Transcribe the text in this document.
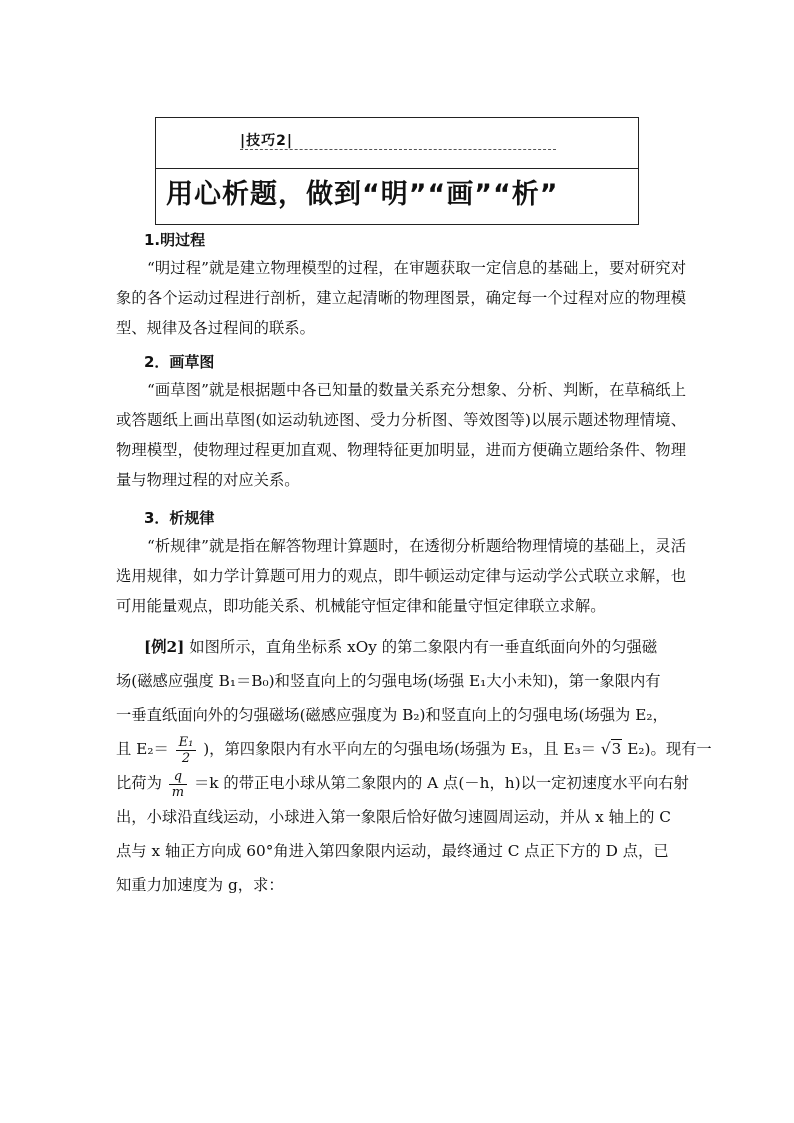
|技巧2|
用心析题，做到“明”“画”“析”
1.明过程

“明过程”就是建立物理模型的过程，在审题获取一定信息的基础上，要对研究对象的各个运动过程进行剖析，建立起清晰的物理图景，确定每一个过程对应的物理模型、规律及各过程间的联系。

2．画草图

“画草图”就是根据题中各已知量的数量关系充分想象、分析、判断，在草稿纸上或答题纸上画出草图(如运动轨迹图、受力分析图、等效图等)以展示题述物理情境、物理模型，使物理过程更加直观、物理特征更加明显，进而方便确立题给条件、物理量与物理过程的对应关系。

3．析规律

“析规律”就是指在解答物理计算题时，在透彻分析题给物理情境的基础上，灵活选用规律，如力学计算题可用力的观点，即牛顿运动定律与运动学公式联立求解，也可用能量观点，即功能关系、机械能守恒定律和能量守恒定律联立求解。

[例2] 如图所示，直角坐标系 xOy 的第二象限内有一垂直纸面向外的匀强磁
场(磁感应强度 B₁＝B₀)和竖直向上的匀强电场(场强 E₁大小未知)，第一象限内有
一垂直纸面向外的匀强磁场(磁感应强度为 B₂)和竖直向上的匀强电场(场强为 E₂，
且 $E_2= \frac{\text{E₁}}{2}$ )，第四象限内有水平向左的匀强电场(场强为 E₃，且 E₃＝ √3 E₂)。现有一
比荷为 $\frac{q}{m} =k$ 的带正电小球从第二象限内的 A 点(－h，h)以一定初速度水平向右射
出，小球沿直线运动，小球进入第一象限后恰好做匀速圆周运动，并从 x 轴上的 C
点与 x 轴正方向成 60°角进入第四象限内运动，最终通过 C 点正下方的 D 点，已
知重力加速度为 g，求：
